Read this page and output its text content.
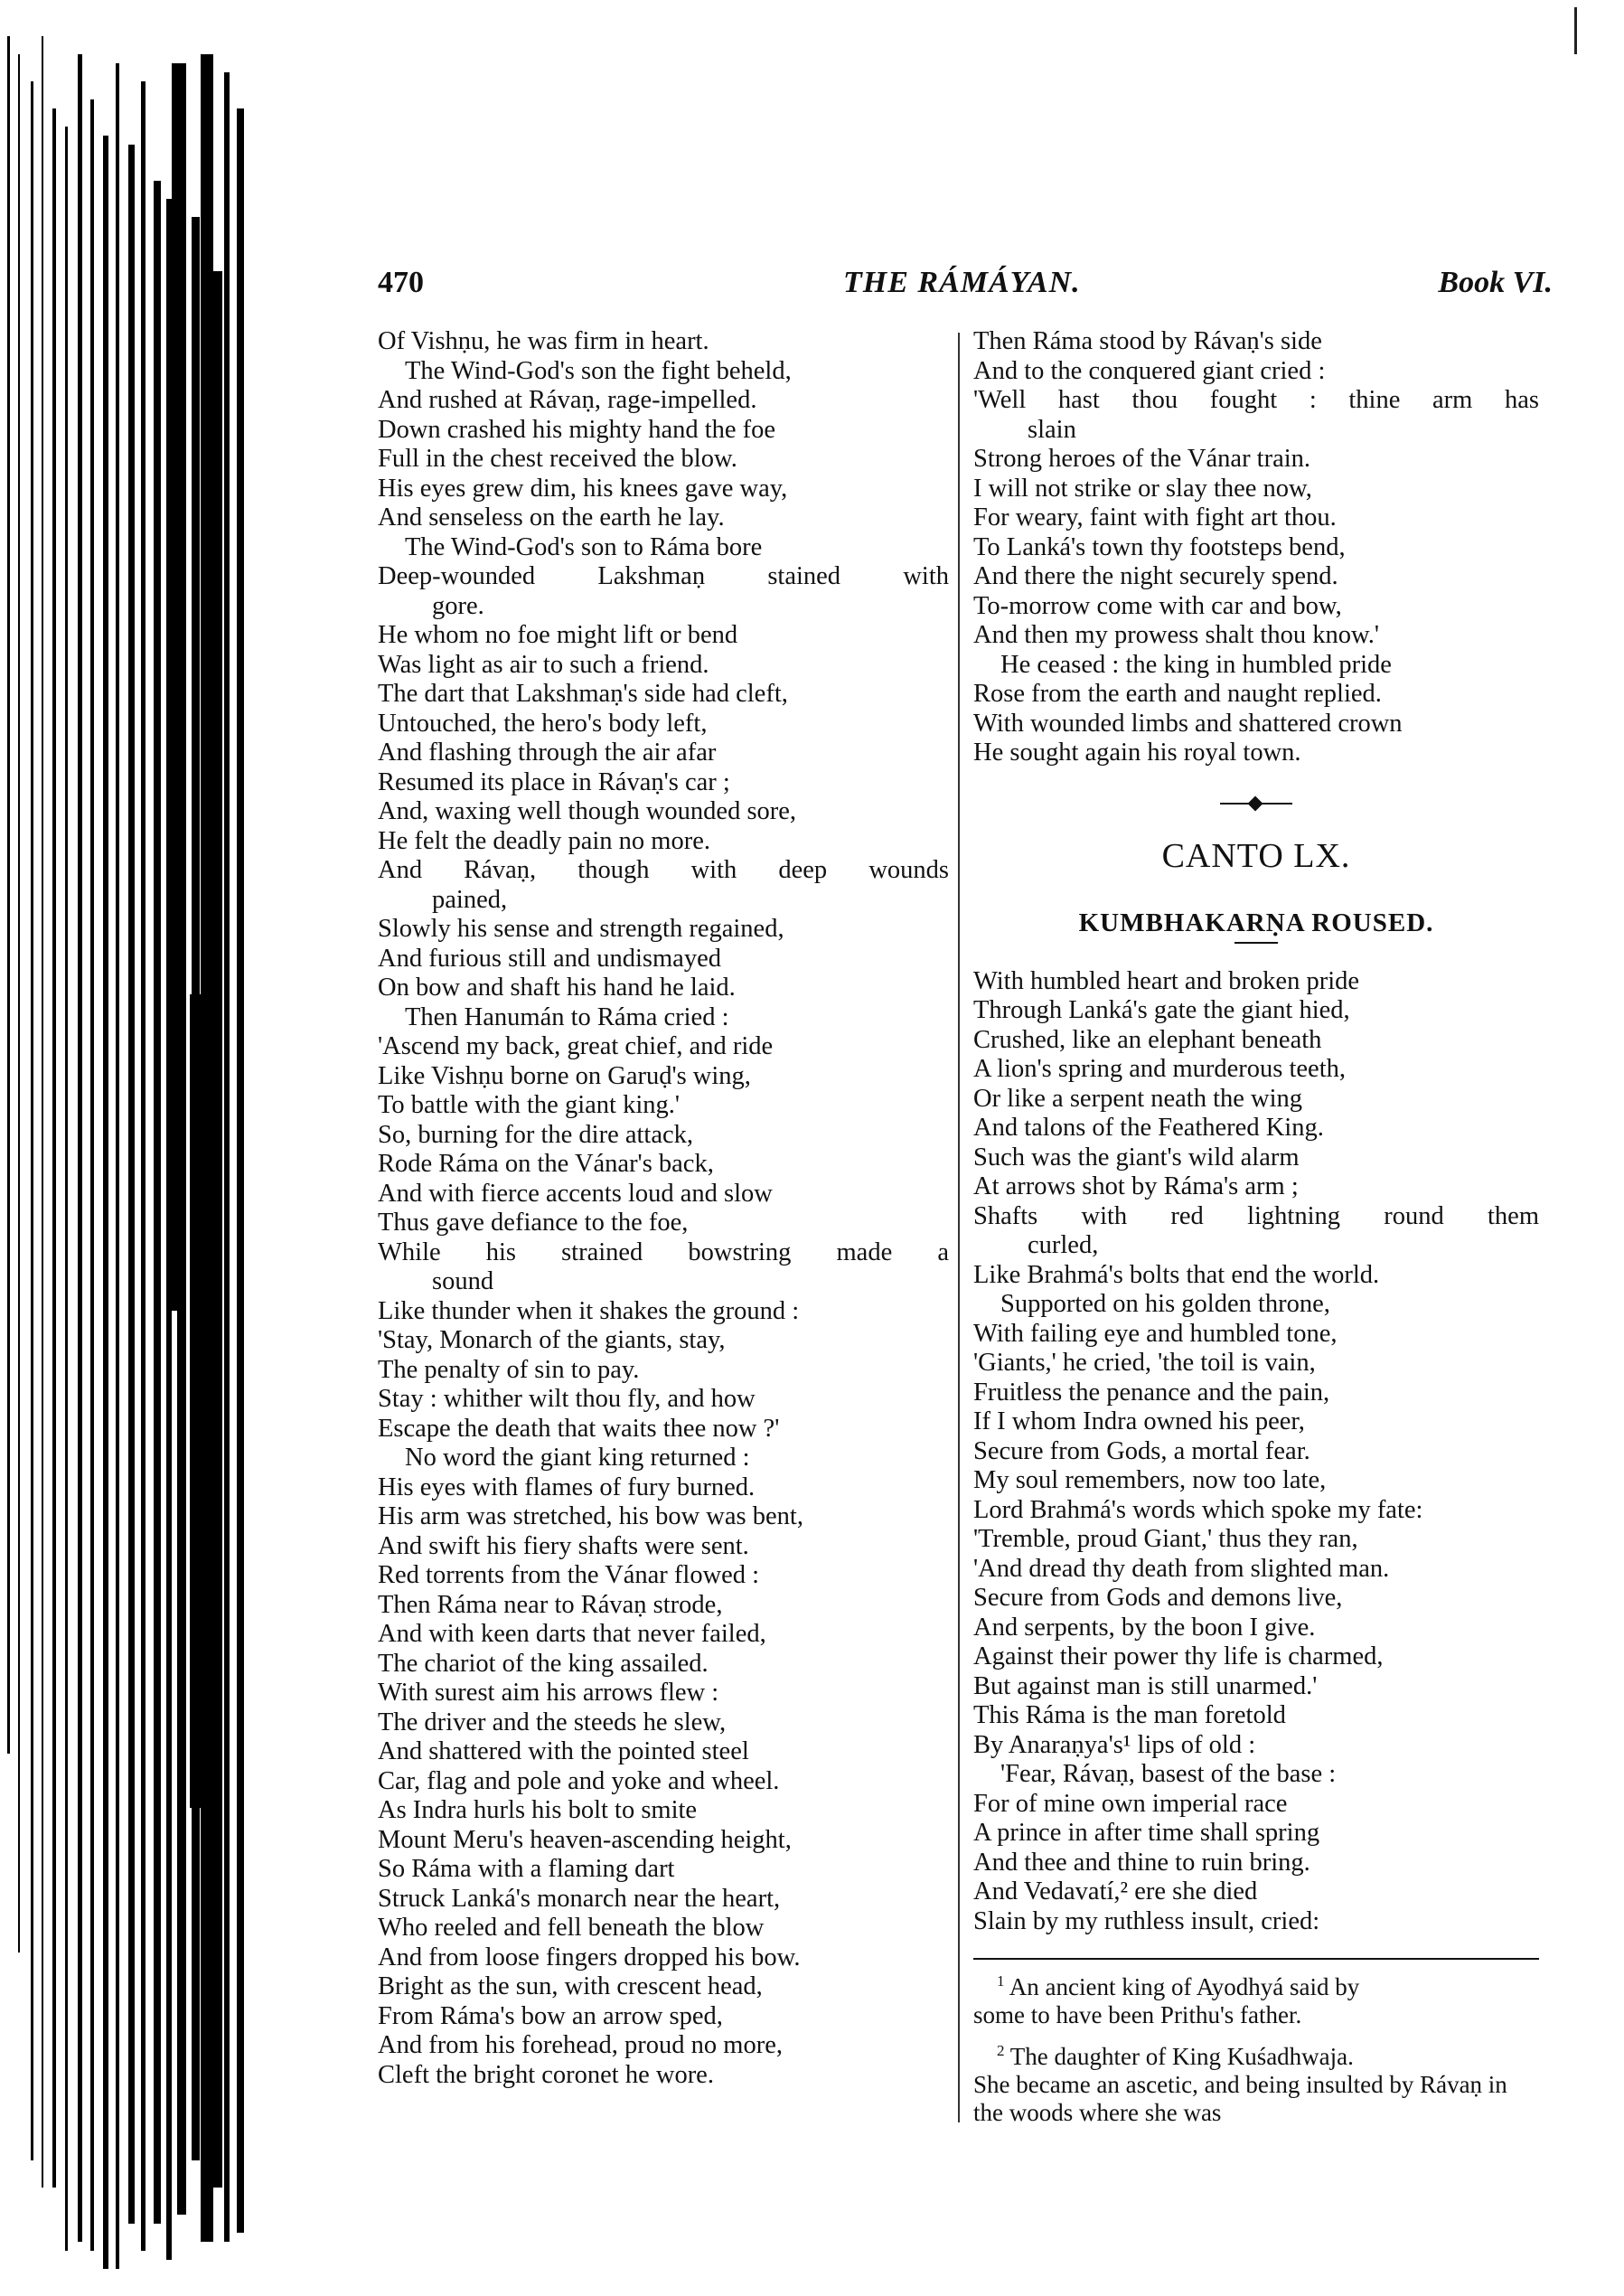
470	THE RÁMÁYAN.	Book VI.
Of Vishṇu, he was firm in heart.
The Wind-God's son the fight beheld,
And rushed at Rávaṇ, rage-impelled.
Down crashed his mighty hand the foe
Full in the chest received the blow.
His eyes grew dim, his knees gave way,
And senseless on the earth he lay.
The Wind-God's son to Ráma bore
Deep-wounded Lakshmaṇ stained with
gore.
He whom no foe might lift or bend
Was light as air to such a friend.
The dart that Lakshmaṇ's side had cleft,
Untouched, the hero's body left,
And flashing through the air afar
Resumed its place in Rávaṇ's car ;
And, waxing well though wounded sore,
He felt the deadly pain no more.
And Rávaṇ, though with deep wounds
pained,
Slowly his sense and strength regained,
And furious still and undismayed
On bow and shaft his hand he laid.
Then Hanumán to Ráma cried :
'Ascend my back, great chief, and ride
Like Vishṇu borne on Garuḍ's wing,
To battle with the giant king.'
So, burning for the dire attack,
Rode Ráma on the Vánar's back,
And with fierce accents loud and slow
Thus gave defiance to the foe,
While his strained bowstring made a
sound
Like thunder when it shakes the ground :
'Stay, Monarch of the giants, stay,
The penalty of sin to pay.
Stay : whither wilt thou fly, and how
Escape the death that waits thee now ?'
No word the giant king returned :
His eyes with flames of fury burned.
His arm was stretched, his bow was bent,
And swift his fiery shafts were sent.
Red torrents from the Vánar flowed :
Then Ráma near to Rávaṇ strode,
And with keen darts that never failed,
The chariot of the king assailed.
With surest aim his arrows flew :
The driver and the steeds he slew,
And shattered with the pointed steel
Car, flag and pole and yoke and wheel.
As Indra hurls his bolt to smite
Mount Meru's heaven-ascending height,
So Ráma with a flaming dart
Struck Lanká's monarch near the heart,
Who reeled and fell beneath the blow
And from loose fingers dropped his bow.
Bright as the sun, with crescent head,
From Ráma's bow an arrow sped,
And from his forehead, proud no more,
Cleft the bright coronet he wore.
Then Ráma stood by Rávaṇ's side
And to the conquered giant cried :
'Well hast thou fought : thine arm has
slain
Strong heroes of the Vánar train.
I will not strike or slay thee now,
For weary, faint with fight art thou.
To Lanká's town thy footsteps bend,
And there the night securely spend.
To-morrow come with car and bow,
And then my prowess shalt thou know.'
He ceased : the king in humbled pride
Rose from the earth and naught replied.
With wounded limbs and shattered crown
He sought again his royal town.
CANTO LX.
KUMBHAKARṆA ROUSED.
With humbled heart and broken pride
Through Lanká's gate the giant hied,
Crushed, like an elephant beneath
A lion's spring and murderous teeth,
Or like a serpent neath the wing
And talons of the Feathered King.
Such was the giant's wild alarm
At arrows shot by Ráma's arm ;
Shafts with red lightning round them
curled,
Like Brahmá's bolts that end the world.
Supported on his golden throne,
With failing eye and humbled tone,
'Giants,' he cried, 'the toil is vain,
Fruitless the penance and the pain,
If I whom Indra owned his peer,
Secure from Gods, a mortal fear.
My soul remembers, now too late,
Lord Brahmá's words which spoke my fate:
'Tremble, proud Giant,' thus they ran,
'And dread thy death from slighted man.
Secure from Gods and demons live,
And serpents, by the boon I give.
Against their power thy life is charmed,
But against man is still unarmed.'
This Ráma is the man foretold
By Anaraṇya's¹ lips of old :
'Fear, Rávaṇ, basest of the base :
For of mine own imperial race
A prince in after time shall spring
And thee and thine to ruin bring.
And Vedavatí,² ere she died
Slain by my ruthless insult, cried:
$^1$ An ancient king of Ayodhyá said by
some to have been Prithu's father.
$^2$ The daughter of King Kuśadhwaja.
She became an ascetic, and being insulted by Rávaṇ in the woods where she was
